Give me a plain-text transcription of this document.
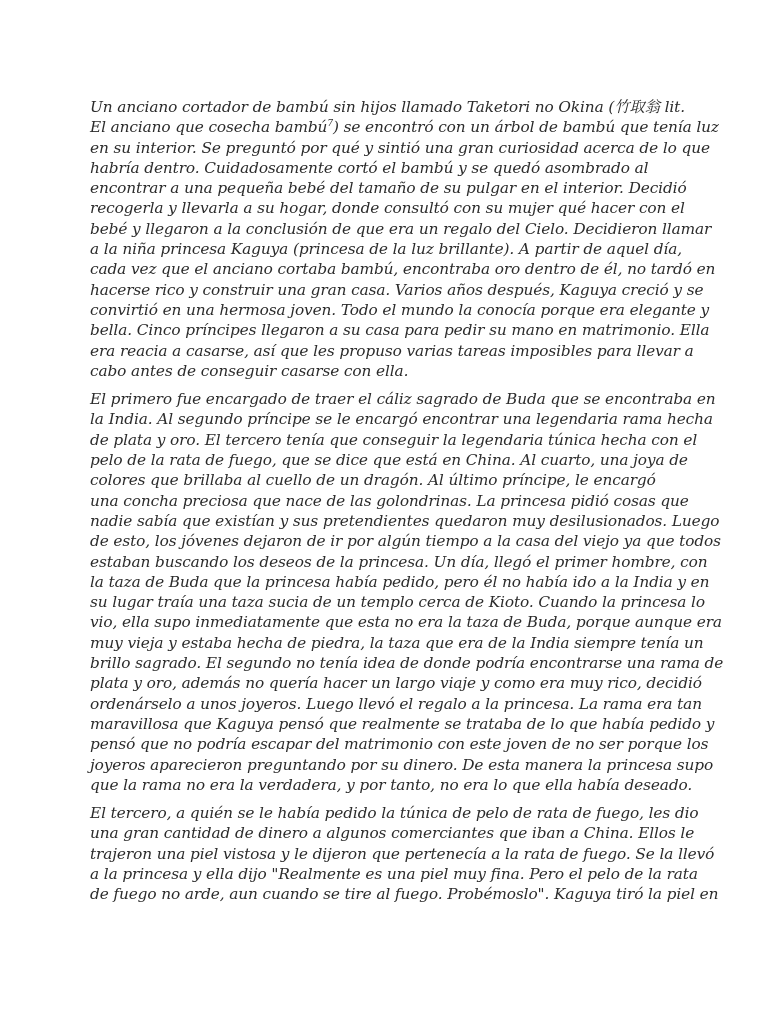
Un anciano cortador de bambú sin hijos llamado Taketori no Okina (竹取翁 lit.
El anciano que cosecha bambú$^7$) se encontró con un árbol de bambú que tenía luz
en su interior. Se preguntó por qué y sintió una gran curiosidad acerca de lo que
habría dentro. Cuidadosamente cortó el bambú y se quedó asombrado al
encontrar a una pequeña bebé del tamaño de su pulgar en el interior. Decidió
recogerla y llevarla a su hogar, donde consultó con su mujer qué hacer con el
bebé y llegaron a la conclusión de que era un regalo del Cielo. Decidieron llamar
a la niña princesa Kaguya (princesa de la luz brillante). A partir de aquel día,
cada vez que el anciano cortaba bambú, encontraba oro dentro de él, no tardó en
hacerse rico y construir una gran casa. Varios años después, Kaguya creció y se
convirtió en una hermosa joven. Todo el mundo la conocía porque era elegante y
bella. Cinco príncipes llegaron a su casa para pedir su mano en matrimonio. Ella
era reacia a casarse, así que les propuso varias tareas imposibles para llevar a
cabo antes de conseguir casarse con ella.
El primero fue encargado de traer el cáliz sagrado de Buda que se encontraba en
la India. Al segundo príncipe se le encargó encontrar una legendaria rama hecha
de plata y oro. El tercero tenía que conseguir la legendaria túnica hecha con el
pelo de la rata de fuego, que se dice que está en China. Al cuarto, una joya de
colores que brillaba al cuello de un dragón. Al último príncipe, le encargó
una concha preciosa que nace de las golondrinas. La princesa pidió cosas que
nadie sabía que existían y sus pretendientes quedaron muy desilusionados. Luego
de esto, los jóvenes dejaron de ir por algún tiempo a la casa del viejo ya que todos
estaban buscando los deseos de la princesa. Un día, llegó el primer hombre, con
la taza de Buda que la princesa había pedido, pero él no había ido a la India y en
su lugar traía una taza sucia de un templo cerca de Kioto. Cuando la princesa lo
vio, ella supo inmediatamente que esta no era la taza de Buda, porque aunque era
muy vieja y estaba hecha de piedra, la taza que era de la India siempre tenía un
brillo sagrado. El segundo no tenía idea de donde podría encontrarse una rama de
plata y oro, además no quería hacer un largo viaje y como era muy rico, decidió
ordenárselo a unos joyeros. Luego llevó el regalo a la princesa. La rama era tan
maravillosa que Kaguya pensó que realmente se trataba de lo que había pedido y
pensó que no podría escapar del matrimonio con este joven de no ser porque los
joyeros aparecieron preguntando por su dinero. De esta manera la princesa supo
que la rama no era la verdadera, y por tanto, no era lo que ella había deseado.
El tercero, a quién se le había pedido la túnica de pelo de rata de fuego, les dio
una gran cantidad de dinero a algunos comerciantes que iban a China. Ellos le
trajeron una piel vistosa y le dijeron que pertenecía a la rata de fuego. Se la llevó
a la princesa y ella dijo "Realmente es una piel muy fina. Pero el pelo de la rata
de fuego no arde, aun cuando se tire al fuego. Probémoslo". Kaguya tiró la piel en
